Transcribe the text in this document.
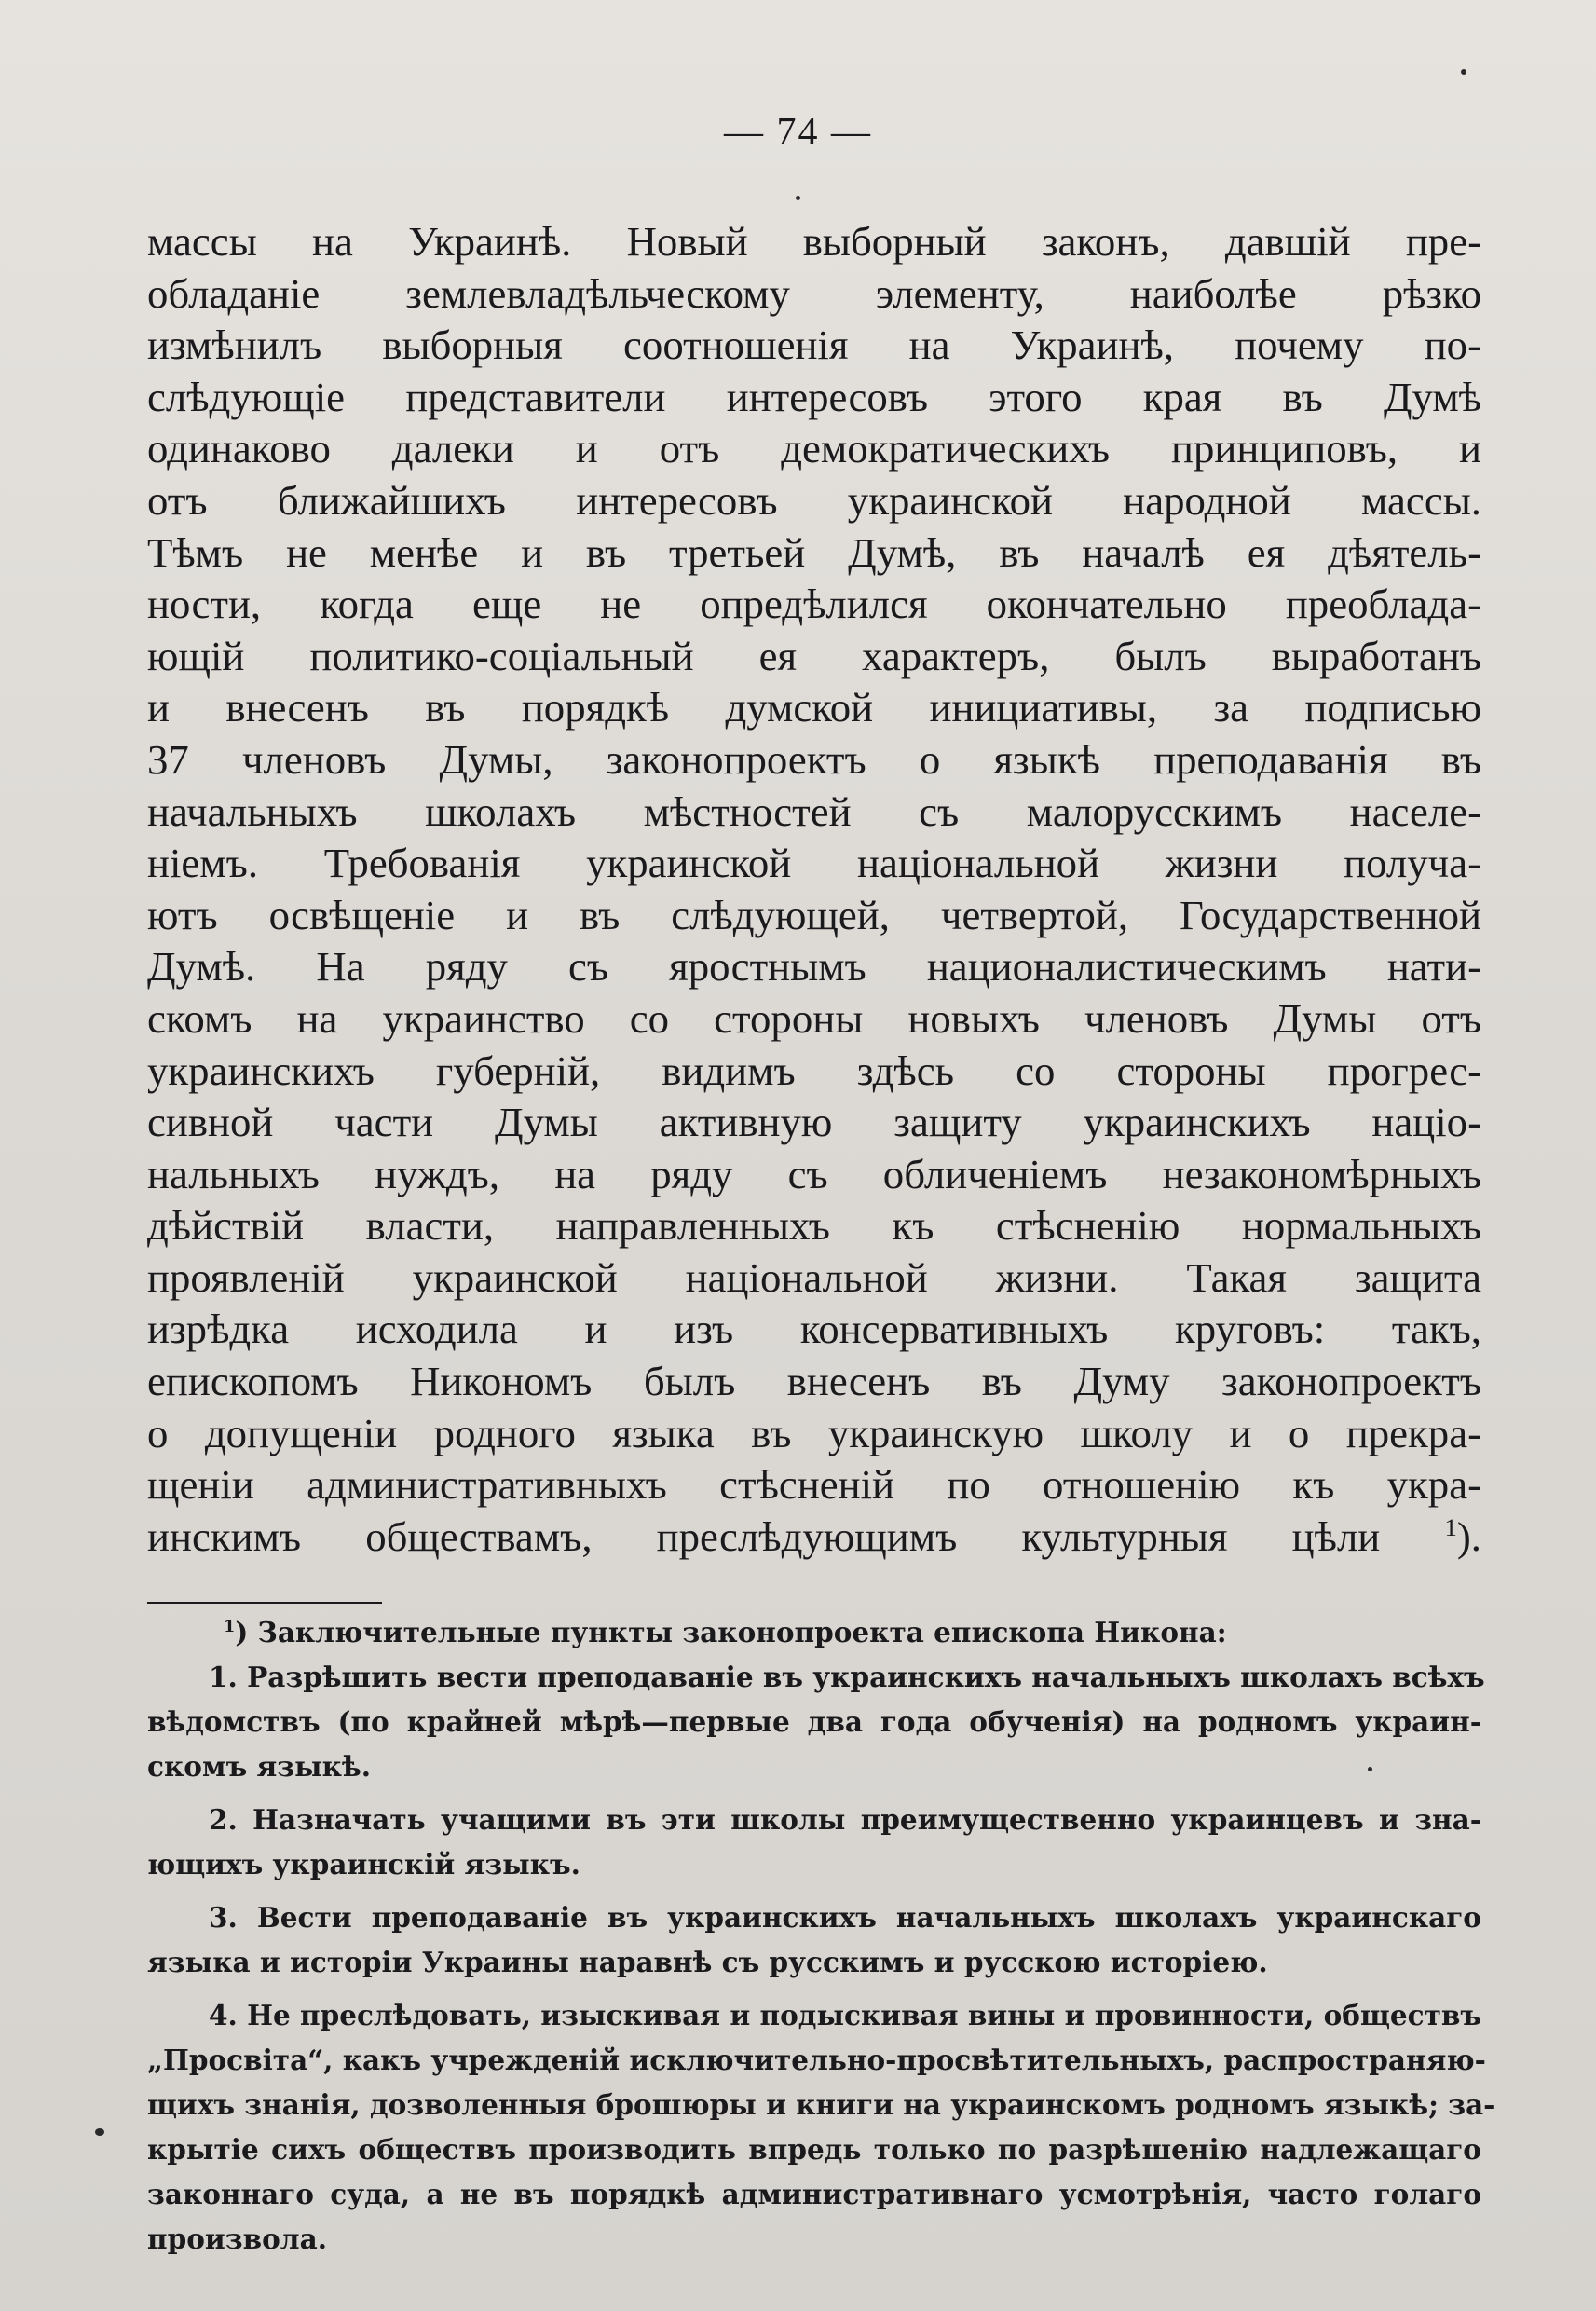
— 74 —
массы на Украинѣ. Новый выборный законъ, давшій пре-
обладаніе землевладѣльческому элементу, наиболѣе рѣзко
измѣнилъ выборныя соотношенія на Украинѣ, почему по-
слѣдующіе представители интересовъ этого края въ Думѣ
одинаково далеки и отъ демократическихъ принциповъ, и
отъ ближайшихъ интересовъ украинской народной массы.
Тѣмъ не менѣе и въ третьей Думѣ, въ началѣ ея дѣятель-
ности, когда еще не опредѣлился окончательно преоблада-
ющій политико-соціальный ея характеръ, былъ выработанъ
и внесенъ въ порядкѣ думской инициативы, за подписью
37 членовъ Думы, законопроектъ о языкѣ преподаванія въ
начальныхъ школахъ мѣстностей съ малорусскимъ населе-
ніемъ. Требованія украинской національной жизни получа-
ютъ освѣщеніе и въ слѣдующей, четвертой, Государственной
Думѣ. На ряду съ яростнымъ националистическимъ нати-
скомъ на украинство со стороны новыхъ членовъ Думы отъ
украинскихъ губерній, видимъ здѣсь со стороны прогрес-
сивной части Думы активную защиту украинскихъ націо-
нальныхъ нуждъ, на ряду съ обличеніемъ незакономѣрныхъ
дѣйствій власти, направленныхъ къ стѣсненію нормальныхъ
проявленій украинской національной жизни. Такая защита
изрѣдка исходила и изъ консервативныхъ круговъ: такъ,
епископомъ Никономъ былъ внесенъ въ Думу законопроектъ
о допущеніи родного языка въ украинскую школу и о прекра-
щеніи административныхъ стѣсненій по отношенію къ укра-
инскимъ обществамъ, преслѣдующимъ культурныя цѣли	$^1$).
$^1$) Заключительные пункты законопроекта епископа Никона:
1. Разрѣшить вести преподаваніе въ украинскихъ начальныхъ школахъ всѣхъ
вѣдомствъ (по крайней мѣрѣ—первые два года обученія) на родномъ украин-
скомъ языкѣ.
2. Назначать учащими въ эти школы преимущественно украинцевъ и зна-
ющихъ украинскій языкъ.
3. Вести преподаваніе въ украинскихъ начальныхъ школахъ украинскаго
языка и исторіи Украины наравнѣ съ русскимъ и русскою исторіею.
4. Не преслѣдовать, изыскивая и подыскивая вины и провинности, обществъ
„Просвіта“, какъ учрежденій исключительно-просвѣтительныхъ, распространяю-
щихъ знанія, дозволенныя брошюры и книги на украинскомъ родномъ языкѣ; за-
крытіе сихъ обществъ производить впредь только по разрѣшенію надлежащаго
законнаго суда, а не въ порядкѣ административнаго усмотрѣнія, часто голаго
произвола.
